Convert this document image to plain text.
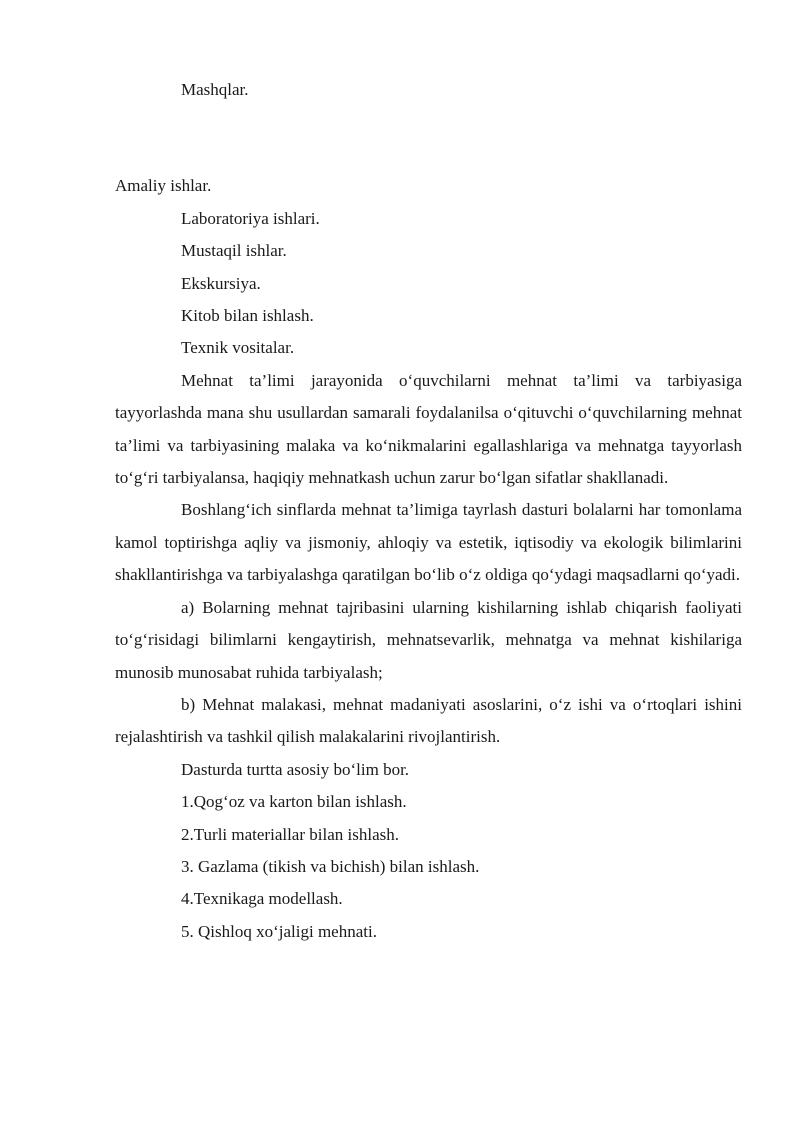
Mashqlar.

Amaliy ishlar.

Laboratoriya ishlari.

Mustaqil ishlar.

Ekskursiya.

Kitob bilan ishlash.

Texnik vositalar.

Mehnat ta’limi jarayonida o‘quvchilarni mehnat ta’limi va tarbiyasiga tayyorlashda mana shu usullardan samarali foydalanilsa o‘qituvchi o‘quvchilarning mehnat ta’limi va tarbiyasining malaka va ko‘nikmalarini egallashlariga va mehnatga tayyorlash to‘g‘ri tarbiyalansa, haqiqiy mehnatkash uchun zarur bo‘lgan sifatlar shakllanadi.

Boshlang‘ich sinflarda mehnat ta’limiga tayrlash dasturi bolalarni har tomonlama kamol toptirishga aqliy va jismoniy, ahloqiy va estetik, iqtisodiy va ekologik bilimlarini shakllantirishga va tarbiyalashga qaratilgan bo‘lib o‘z oldiga qo‘ydagi maqsadlarni qo‘yadi.

a) Bolarning mehnat tajribasini ularning kishilarning ishlab chiqarish faoliyati to‘g‘risidagi bilimlarni kengaytirish, mehnatsevarlik, mehnatga va mehnat kishilariga munosib munosabat ruhida tarbiyalash;

b) Mehnat malakasi, mehnat madaniyati asoslarini, o‘z ishi va o‘rtoqlari ishini rejalashtirish va tashkil qilish malakalarini rivojlantirish.

Dasturda turtta asosiy bo‘lim bor.

1.Qog‘oz va karton bilan ishlash.

2.Turli materiallar bilan ishlash.

3. Gazlama (tikish va bichish) bilan ishlash.

4.Texnikaga modellash.

5. Qishloq xo‘jaligi mehnati.
